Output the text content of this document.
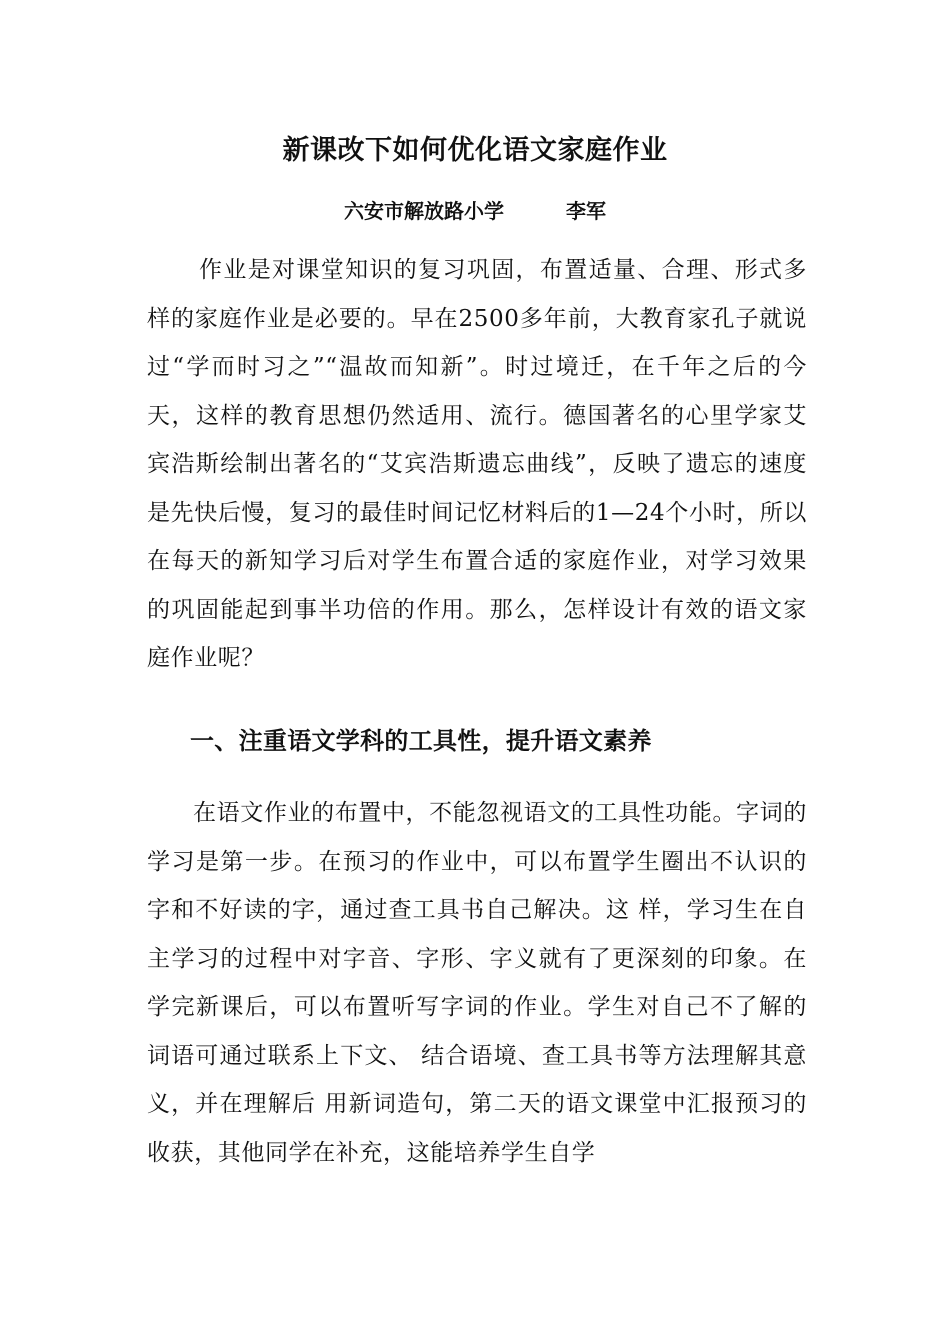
新课改下如何优化语文家庭作业
六安市解放路小学	李军

作业是对课堂知识的复习巩固，布置适量、合理、形式多样的家庭作业是必要的。早在2500多年前，大教育家孔子就说过“学而时习之”“温故而知新”。时过境迁，在千年之后的今天，这样的教育思想仍然适用、流行。德国著名的心里学家艾宾浩斯绘制出著名的“艾宾浩斯遗忘曲线”，反映了遗忘的速度是先快后慢，复习的最佳时间记忆材料后的1—24个小时，所以在每天的新知学习后对学生布置合适的家庭作业，对学习效果的巩固能起到事半功倍的作用。那么，怎样设计有效的语文家庭作业呢？

一、注重语文学科的工具性，提升语文素养

在语文作业的布置中，不能忽视语文的工具性功能。字词的学习是第一步。在预习的作业中，可以布置学生圈出不认识的字和不好读的字，通过查工具书自己解决。这 样，学习生在自主学习的过程中对字音、字形、字义就有了更深刻的印象。在学完新课后，可以布置听写字词的作业。学生对自己不了解的词语可通过联系上下文、 结合语境、查工具书等方法理解其意义，并在理解后 用新词造句，第二天的语文课堂中汇报预习的收获，其他同学在补充，这能培养学生自学
